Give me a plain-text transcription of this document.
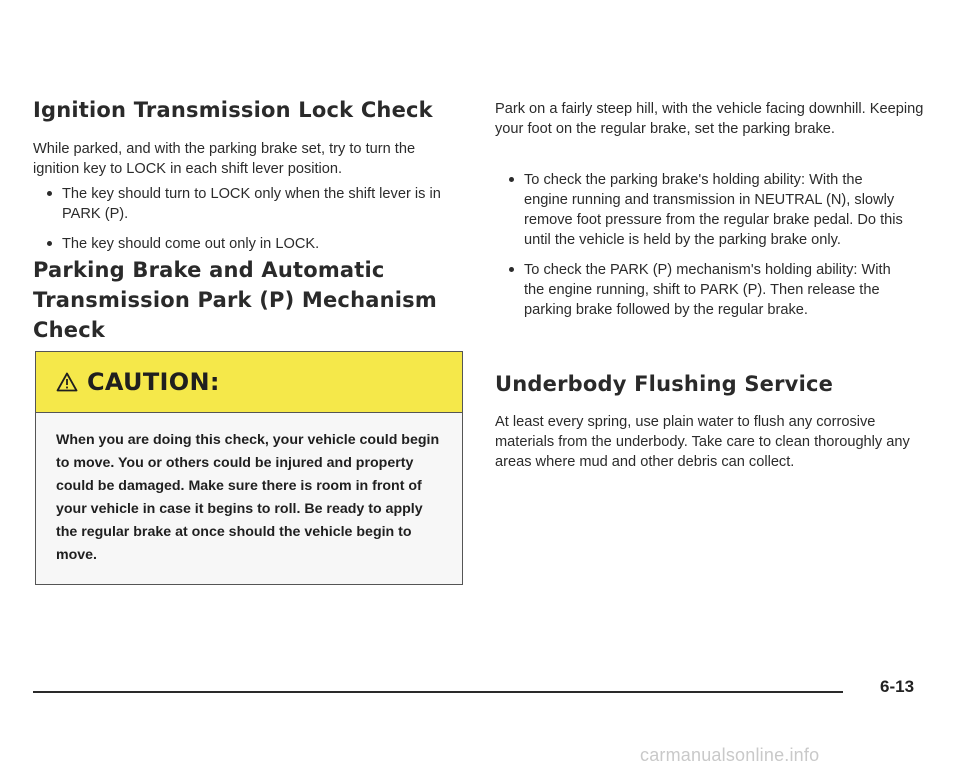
Ignition Transmission Lock Check

While parked, and with the parking brake set, try to turn the ignition key to LOCK in each shift lever position.

The key should turn to LOCK only when the shift lever is in PARK (P).
The key should come out only in LOCK.
Parking Brake and Automatic Transmission Park (P) Mechanism Check
CAUTION:
When you are doing this check, your vehicle could begin to move. You or others could be injured and property could be damaged. Make sure there is room in front of your vehicle in case it begins to roll. Be ready to apply the regular brake at once should the vehicle begin to move.

Park on a fairly steep hill, with the vehicle facing downhill. Keeping your foot on the regular brake, set the parking brake.

To check the parking brake's holding ability: With the engine running and transmission in NEUTRAL (N), slowly remove foot pressure from the regular brake pedal. Do this until the vehicle is held by the parking brake only.
To check the PARK (P) mechanism's holding ability: With the engine running, shift to PARK (P). Then release the parking brake followed by the regular brake.
Underbody Flushing Service

At least every spring, use plain water to flush any corrosive materials from the underbody. Take care to clean thoroughly any areas where mud and other debris can collect.

6-13
carmanualsonline.info
